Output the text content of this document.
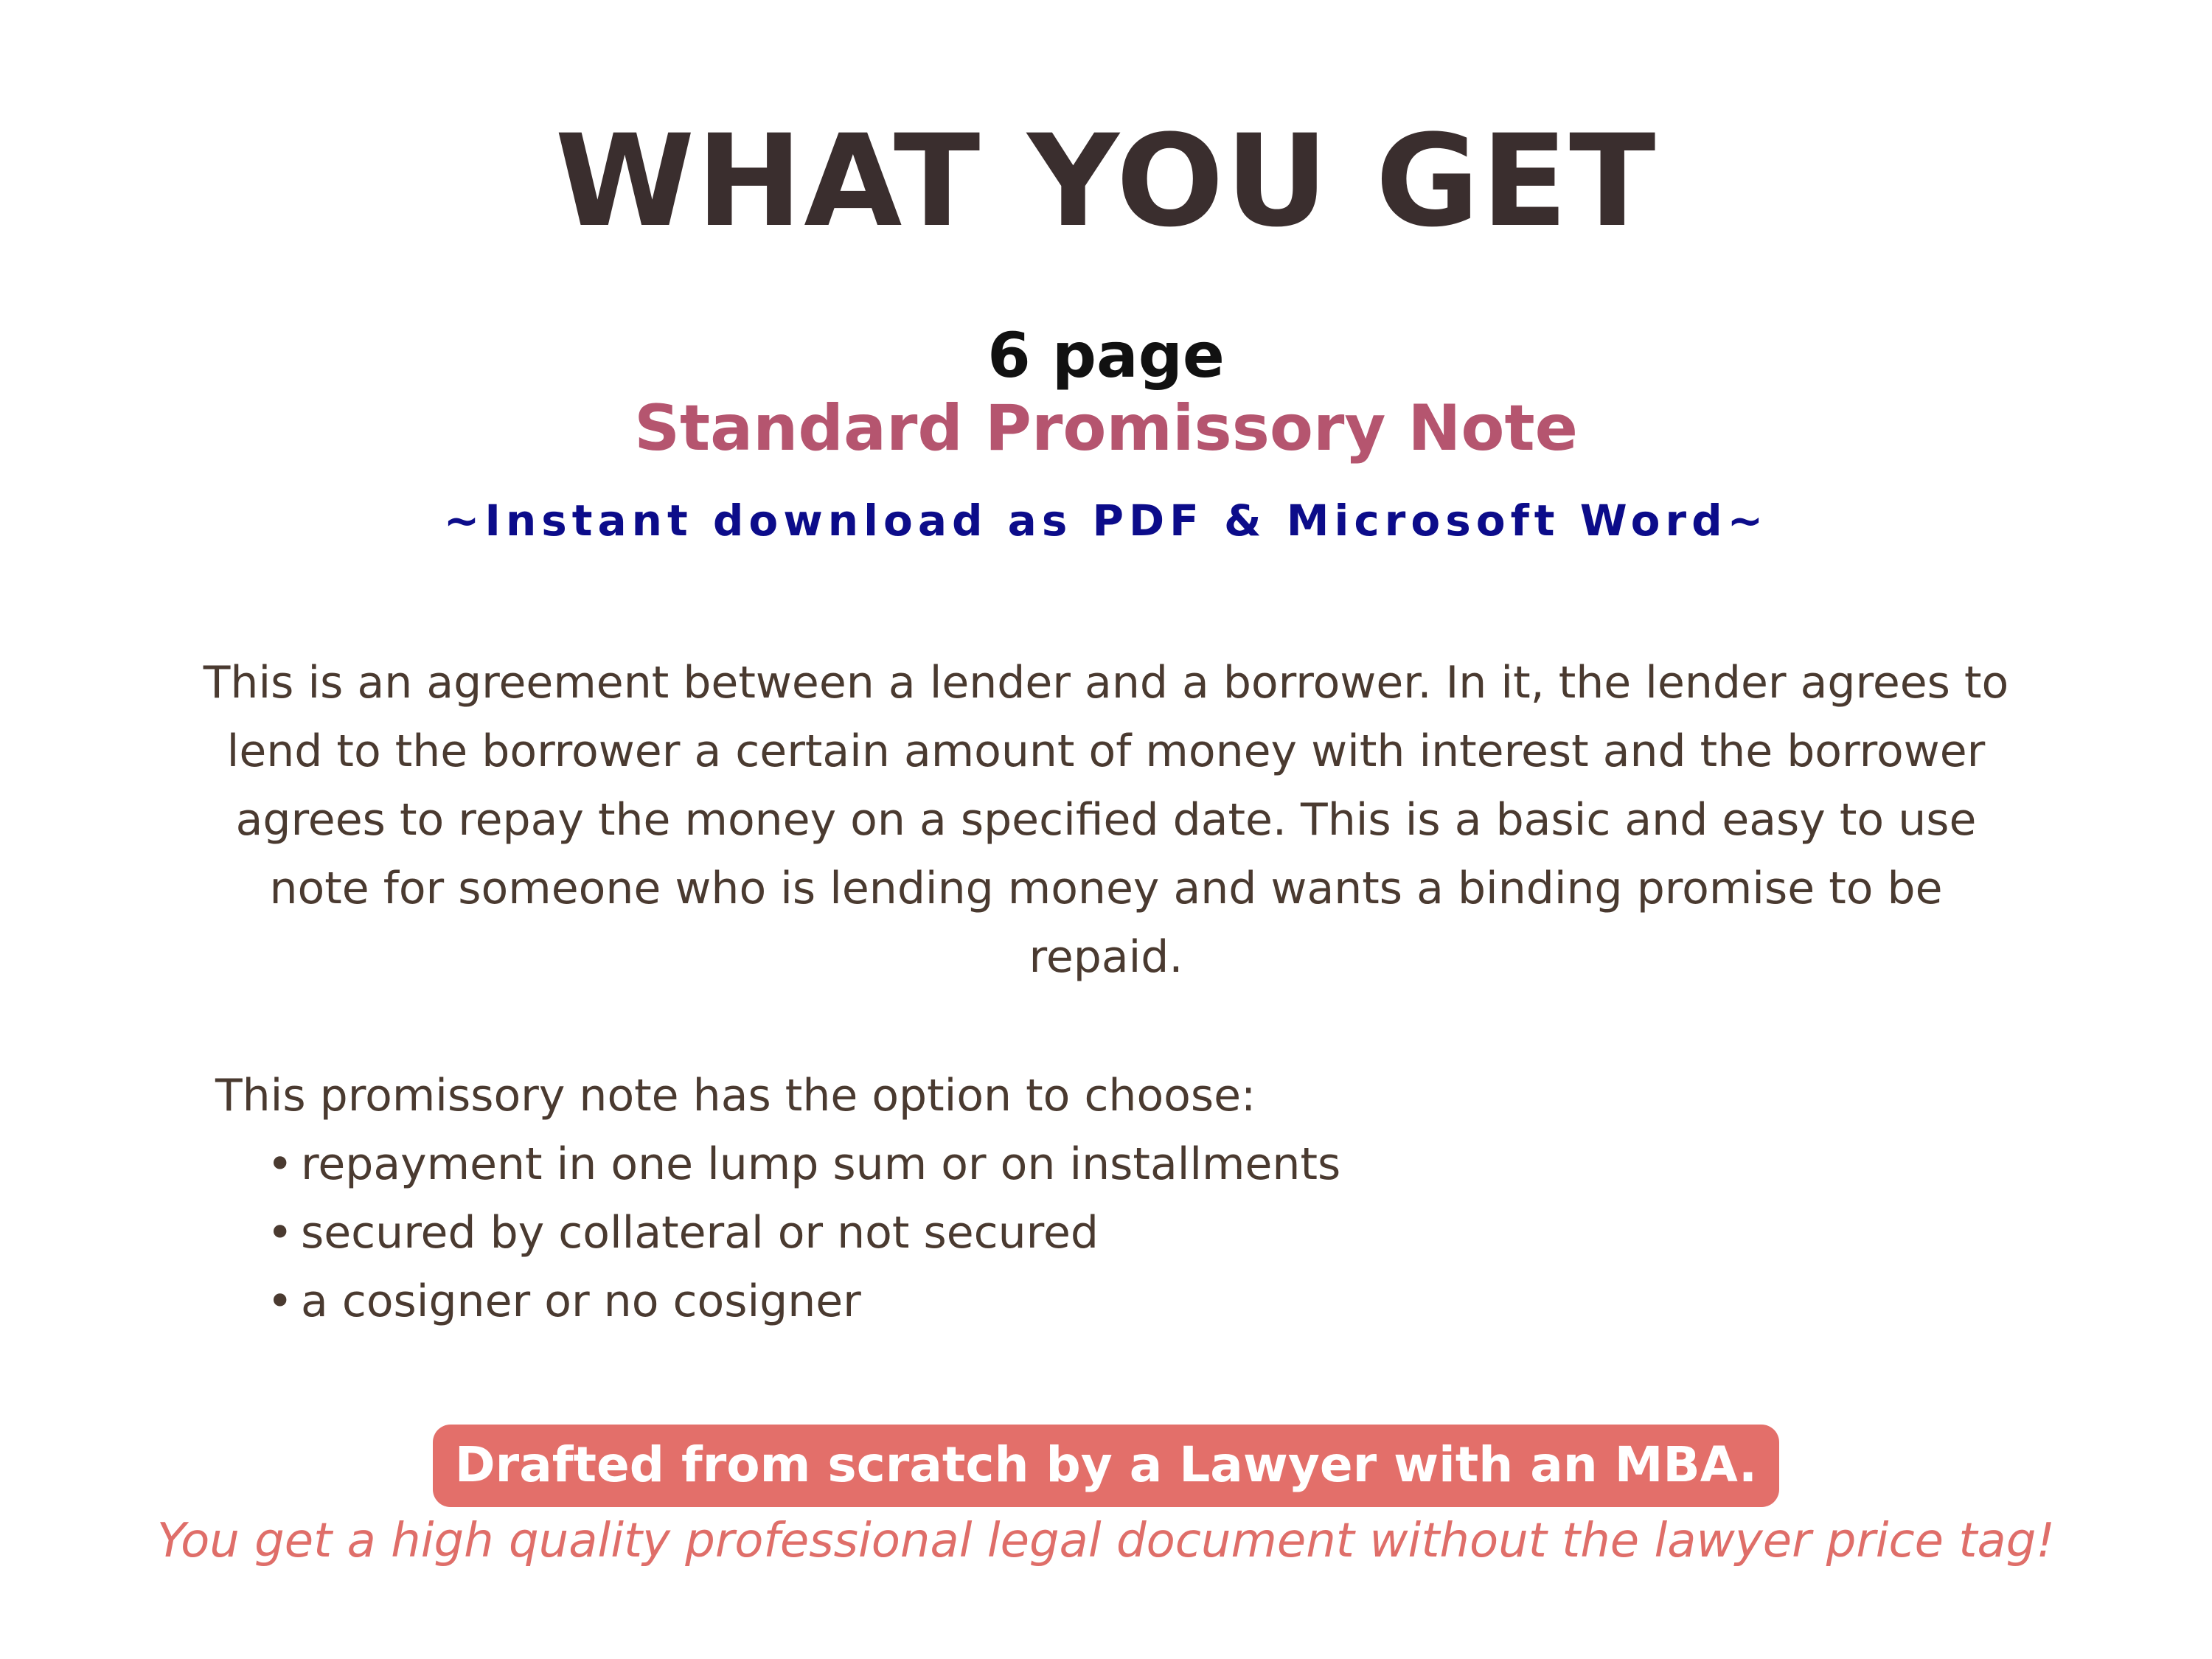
WHAT YOU GET
6 page
Standard Promissory Note
~Instant download as PDF & Microsoft Word~
This is an agreement between a lender and a borrower. In it, the lender agrees to lend to the borrower a certain amount of money with interest and the borrower agrees to repay the money on a specified date. This is a basic and easy to use note for someone who is lending money and wants a binding promise to be repaid.
This promissory note has the option to choose:
• repayment in one lump sum or on installments
• secured by collateral or not secured
• a cosigner or no cosigner
Drafted from scratch by a Lawyer with an MBA.
You get a high quality professional legal document without the lawyer price tag!
